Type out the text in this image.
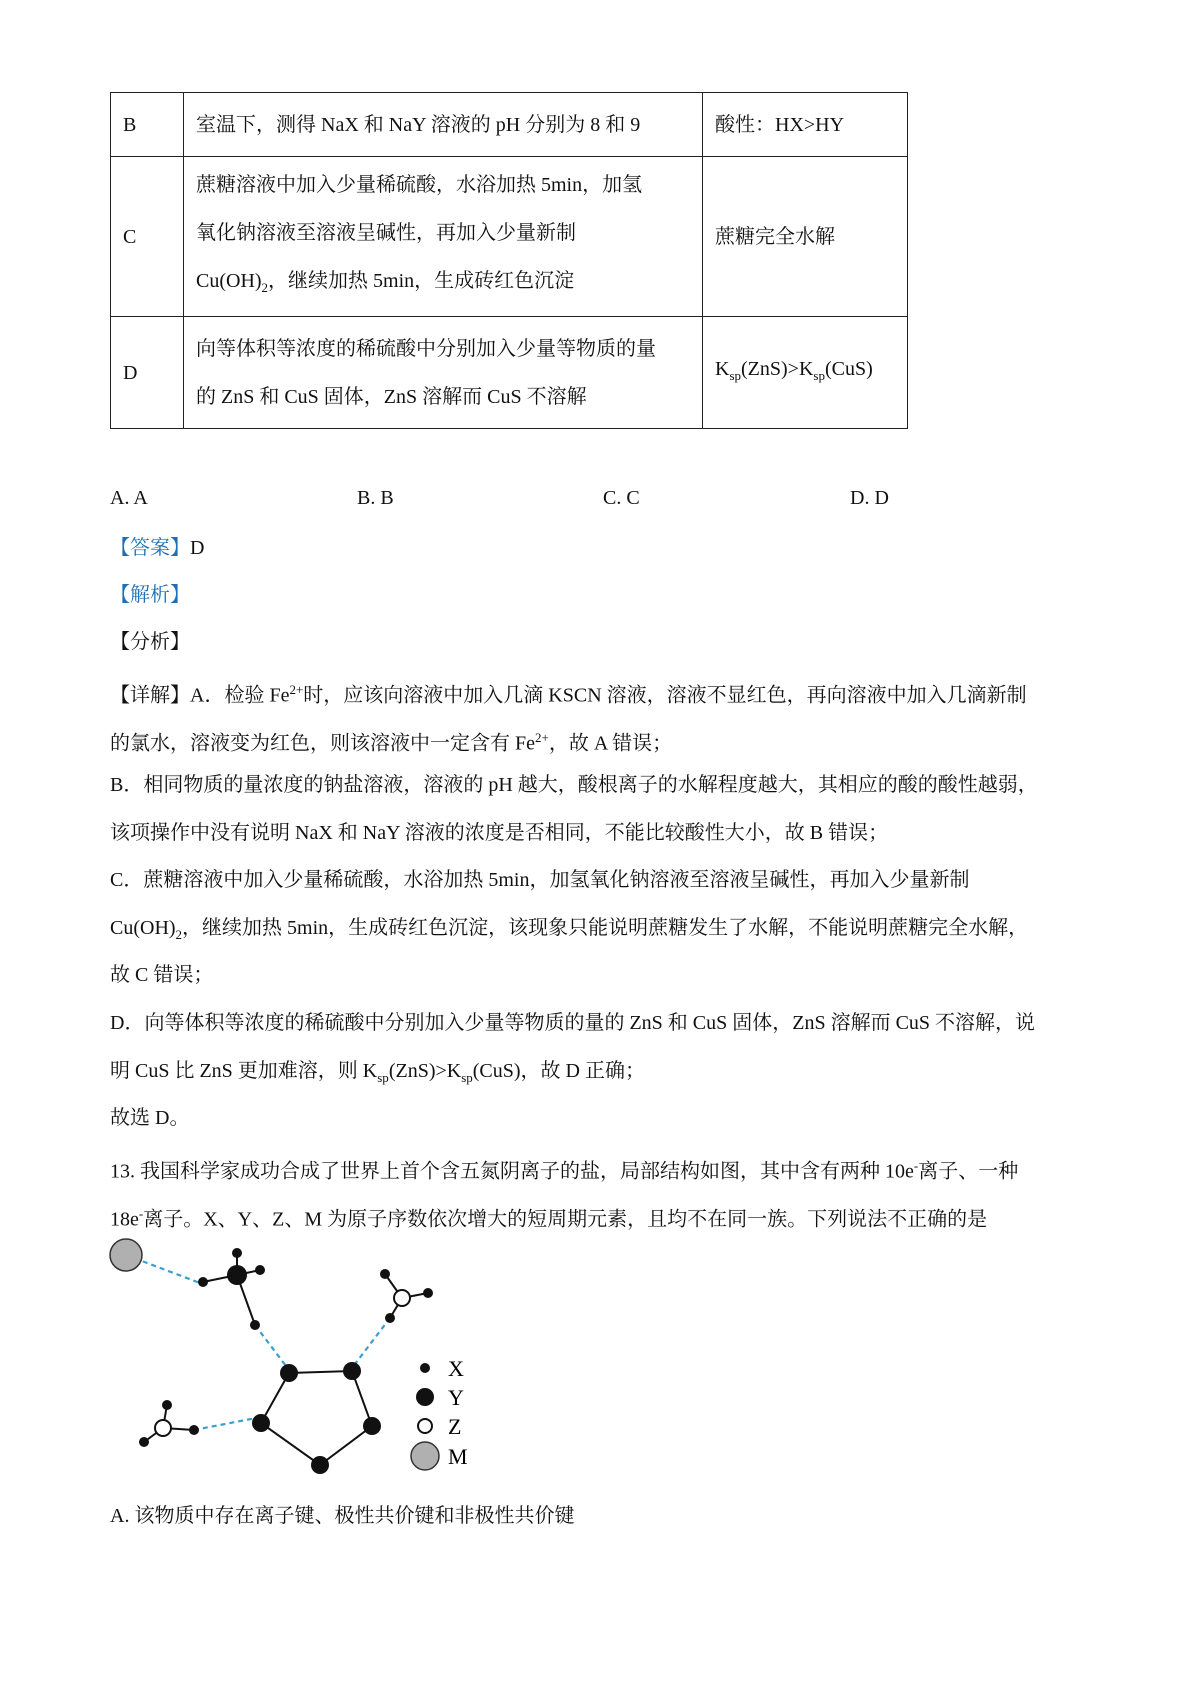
B	室温下，测得 NaX 和 NaY 溶液的 pH 分别为 8 和 9	酸性：HX>HY
C	蔗糖溶液中加入少量稀硫酸，水浴加热 5min，加氢
氧化钠溶液至溶液呈碱性，再加入少量新制
$Cu(OH)_2$，继续加热 5min，生成砖红色沉淀	蔗糖完全水解
D	向等体积等浓度的稀硫酸中分别加入少量等物质的量
的 ZnS 和 CuS 固体，ZnS 溶解而 CuS 不溶解	$K_{sp}(ZnS)>K_{sp}(CuS)$
A. A	B. B	C. C	D. D
【答案】D
【解析】
【分析】
【详解】A．检验 $Fe^{2+}$时，应该向溶液中加入几滴 KSCN 溶液，溶液不显红色，再向溶液中加入几滴新制
的氯水，溶液变为红色，则该溶液中一定含有 $Fe^{2+}$，故 A 错误；
B．相同物质的量浓度的钠盐溶液，溶液的 pH 越大，酸根离子的水解程度越大，其相应的酸的酸性越弱，
该项操作中没有说明 NaX 和 NaY 溶液的浓度是否相同，不能比较酸性大小，故 B 错误；
C．蔗糖溶液中加入少量稀硫酸，水浴加热 5min，加氢氧化钠溶液至溶液呈碱性，再加入少量新制
$Cu(OH)_2$，继续加热 5min，生成砖红色沉淀，该现象只能说明蔗糖发生了水解，不能说明蔗糖完全水解，
故 C 错误；
D．向等体积等浓度的稀硫酸中分别加入少量等物质的量的 ZnS 和 CuS 固体，ZnS 溶解而 CuS 不溶解，说
明 CuS 比 ZnS 更加难溶，则 $K_{sp}(ZnS)>K_{sp}(CuS)$，故 D 正确；
故选 D。
13. 我国科学家成功合成了世界上首个含五氮阴离子的盐，局部结构如图，其中含有两种 10e-离子、一种
18e-离子。X、Y、Z、M 为原子序数依次增大的短周期元素，且均不在同一族。下列说法不正确的是
X
Y
Z
M
A. 该物质中存在离子键、极性共价键和非极性共价键
